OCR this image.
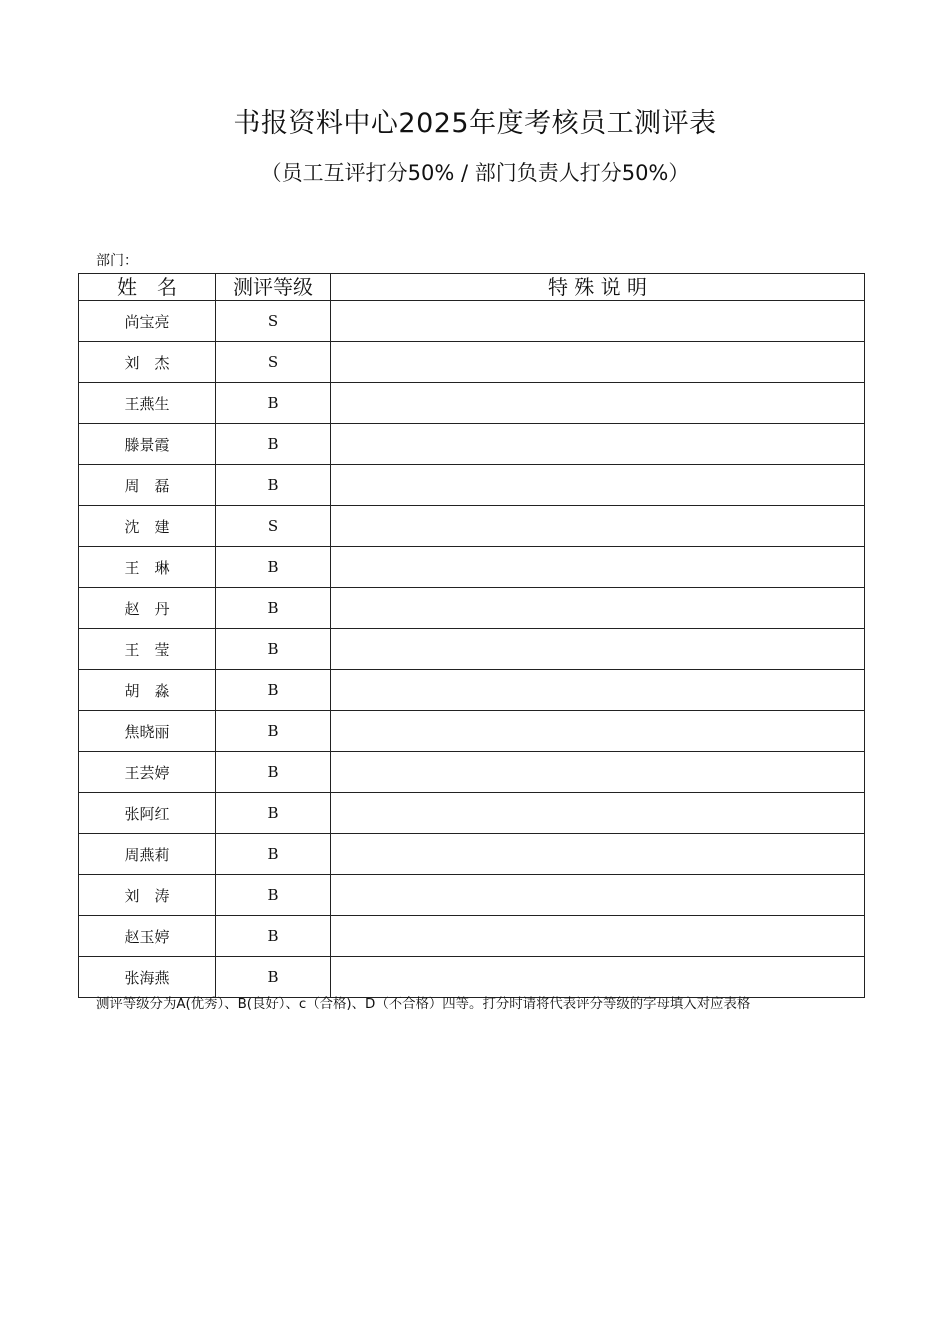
书报资料中心2025年度考核员工测评表
（员工互评打分50% / 部门负责人打分50%）
部门：
姓　名	测评等级	特 殊 说 明
尚宝亮	S	
刘　杰	S	
王燕生	B	
滕景霞	B	
周　磊	B	
沈　建	S	
王　琳	B	
赵　丹	B	
王　莹	B	
胡　淼	B	
焦晓丽	B	
王芸婷	B	
张阿红	B	
周燕莉	B	
刘　涛	B	
赵玉婷	B	
张海燕	B	
测评等级分为A(优秀）、B(良好）、c（合格)、D（不合格）四等。打分时请将代表评分等级的字母填入对应表格
